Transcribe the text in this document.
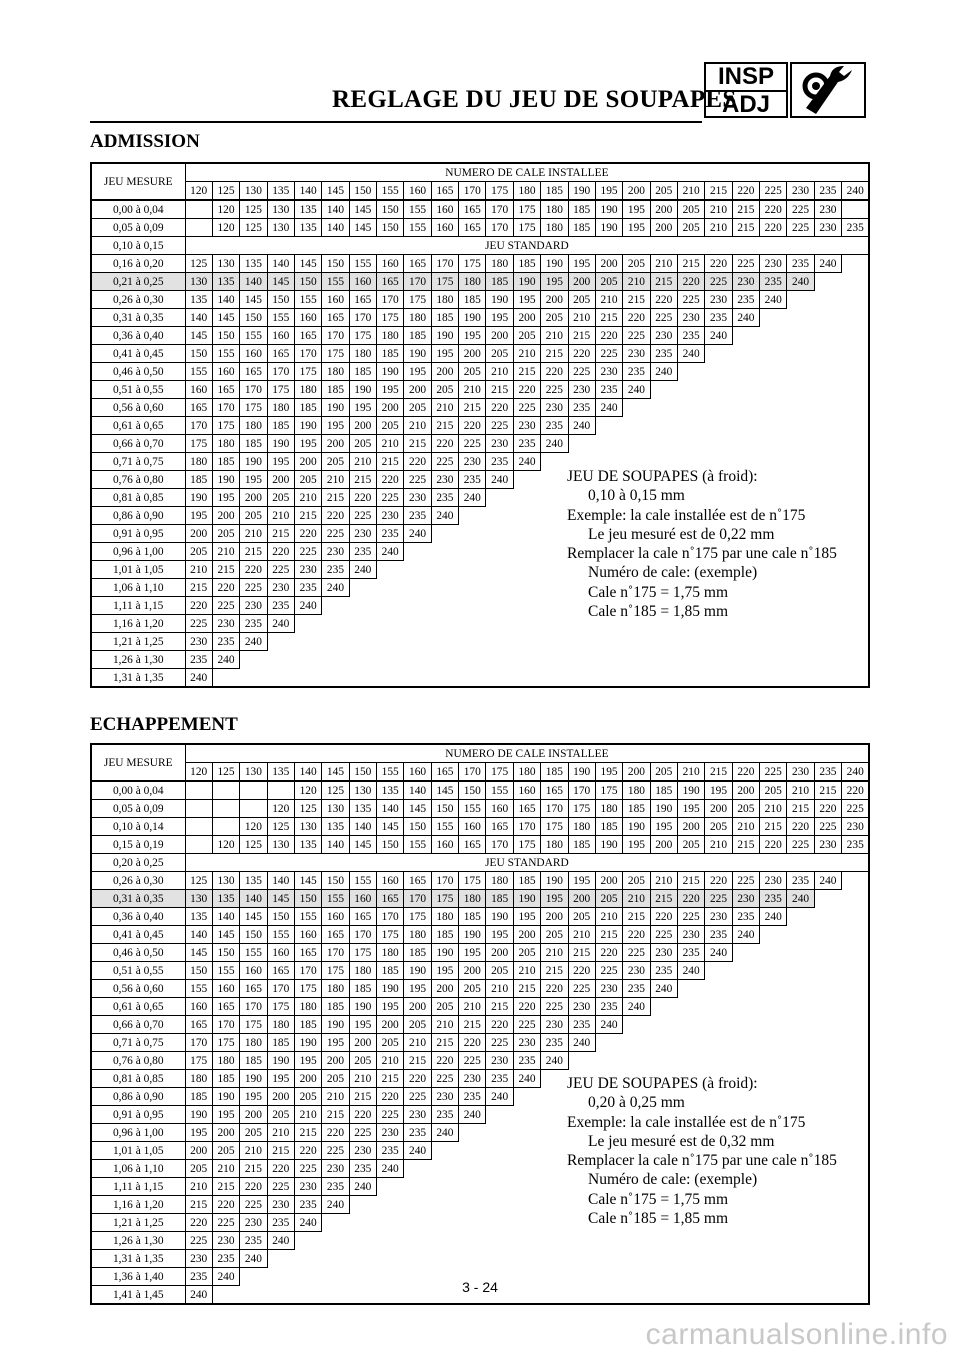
REGLAGE DU JEU DE SOUPAPES
INSP
ADJ
ADMISSION
JEU MESURE	NUMERO DE CALE INSTALLEE																								
	120	125	130	135	140	145	150	155	160	165	170	175	180	185	190	195	200	205	210	215	220	225	230	235	240
0,00 à 0,04		120	125	130	135	140	145	150	155	160	165	170	175	180	185	190	195	200	205	210	215	220	225	230	
0,05 à 0,09		120	125	130	135	140	145	150	155	160	165	170	175	180	185	190	195	200	205	210	215	220	225	230	235
0,10 à 0,15	JEU STANDARD																								
0,16 à 0,20	125	130	135	140	145	150	155	160	165	170	175	180	185	190	195	200	205	210	215	220	225	230	235	240	
0,21 à 0,25	130	135	140	145	150	155	160	165	170	175	180	185	190	195	200	205	210	215	220	225	230	235	240		
0,26 à 0,30	135	140	145	150	155	160	165	170	175	180	185	190	195	200	205	210	215	220	225	230	235	240			
0,31 à 0,35	140	145	150	155	160	165	170	175	180	185	190	195	200	205	210	215	220	225	230	235	240				
0,36 à 0,40	145	150	155	160	165	170	175	180	185	190	195	200	205	210	215	220	225	230	235	240					
0,41 à 0,45	150	155	160	165	170	175	180	185	190	195	200	205	210	215	220	225	230	235	240						
0,46 à 0,50	155	160	165	170	175	180	185	190	195	200	205	210	215	220	225	230	235	240							
0,51 à 0,55	160	165	170	175	180	185	190	195	200	205	210	215	220	225	230	235	240								
0,56 à 0,60	165	170	175	180	185	190	195	200	205	210	215	220	225	230	235	240									
0,61 à 0,65	170	175	180	185	190	195	200	205	210	215	220	225	230	235	240										
0,66 à 0,70	175	180	185	190	195	200	205	210	215	220	225	230	235	240											
0,71 à 0,75	180	185	190	195	200	205	210	215	220	225	230	235	240												
0,76 à 0,80	185	190	195	200	205	210	215	220	225	230	235	240													
0,81 à 0,85	190	195	200	205	210	215	220	225	230	235	240														
0,86 à 0,90	195	200	205	210	215	220	225	230	235	240															
0,91 à 0,95	200	205	210	215	220	225	230	235	240																
0,96 à 1,00	205	210	215	220	225	230	235	240																	
1,01 à 1,05	210	215	220	225	230	235	240																		
1,06 à 1,10	215	220	225	230	235	240																			
1,11 à 1,15	220	225	230	235	240																				
1,16 à 1,20	225	230	235	240																					
1,21 à 1,25	230	235	240																						
1,26 à 1,30	235	240																							
1,31 à 1,35	240																								
JEU DE SOUPAPES (à froid):
0,10 à 0,15 mm
Exemple: la cale installée est de n˚175
Le jeu mesuré est de 0,22 mm
Remplacer la cale n˚175 par une cale n˚185
Numéro de cale: (exemple)
Cale n˚175 = 1,75 mm
Cale n˚185 = 1,85 mm
ECHAPPEMENT
JEU MESURE	NUMERO DE CALE INSTALLEE																								
	120	125	130	135	140	145	150	155	160	165	170	175	180	185	190	195	200	205	210	215	220	225	230	235	240
0,00 à 0,04					120	125	130	135	140	145	150	155	160	165	170	175	180	185	190	195	200	205	210	215	220
0,05 à 0,09				120	125	130	135	140	145	150	155	160	165	170	175	180	185	190	195	200	205	210	215	220	225
0,10 à 0,14			120	125	130	135	140	145	150	155	160	165	170	175	180	185	190	195	200	205	210	215	220	225	230
0,15 à 0,19		120	125	130	135	140	145	150	155	160	165	170	175	180	185	190	195	200	205	210	215	220	225	230	235
0,20 à 0,25	JEU STANDARD																								
0,26 à 0,30	125	130	135	140	145	150	155	160	165	170	175	180	185	190	195	200	205	210	215	220	225	230	235	240	
0,31 à 0,35	130	135	140	145	150	155	160	165	170	175	180	185	190	195	200	205	210	215	220	225	230	235	240		
0,36 à 0,40	135	140	145	150	155	160	165	170	175	180	185	190	195	200	205	210	215	220	225	230	235	240			
0,41 à 0,45	140	145	150	155	160	165	170	175	180	185	190	195	200	205	210	215	220	225	230	235	240				
0,46 à 0,50	145	150	155	160	165	170	175	180	185	190	195	200	205	210	215	220	225	230	235	240					
0,51 à 0,55	150	155	160	165	170	175	180	185	190	195	200	205	210	215	220	225	230	235	240						
0,56 à 0,60	155	160	165	170	175	180	185	190	195	200	205	210	215	220	225	230	235	240							
0,61 à 0,65	160	165	170	175	180	185	190	195	200	205	210	215	220	225	230	235	240								
0,66 à 0,70	165	170	175	180	185	190	195	200	205	210	215	220	225	230	235	240									
0,71 à 0,75	170	175	180	185	190	195	200	205	210	215	220	225	230	235	240										
0,76 à 0,80	175	180	185	190	195	200	205	210	215	220	225	230	235	240											
0,81 à 0,85	180	185	190	195	200	205	210	215	220	225	230	235	240												
0,86 à 0,90	185	190	195	200	205	210	215	220	225	230	235	240													
0,91 à 0,95	190	195	200	205	210	215	220	225	230	235	240														
0,96 à 1,00	195	200	205	210	215	220	225	230	235	240															
1,01 à 1,05	200	205	210	215	220	225	230	235	240																
1,06 à 1,10	205	210	215	220	225	230	235	240																	
1,11 à 1,15	210	215	220	225	230	235	240																		
1,16 à 1,20	215	220	225	230	235	240																			
1,21 à 1,25	220	225	230	235	240																				
1,26 à 1,30	225	230	235	240																					
1,31 à 1,35	230	235	240																						
1,36 à 1,40	235	240																							
1,41 à 1,45	240																								
JEU DE SOUPAPES (à froid):
0,20 à 0,25 mm
Exemple: la cale installée est de n˚175
Le jeu mesuré est de 0,32 mm
Remplacer la cale n˚175 par une cale n˚185
Numéro de cale: (exemple)
Cale n˚175 = 1,75 mm
Cale n˚185 = 1,85 mm
3 - 24
carmanualsonline.info
